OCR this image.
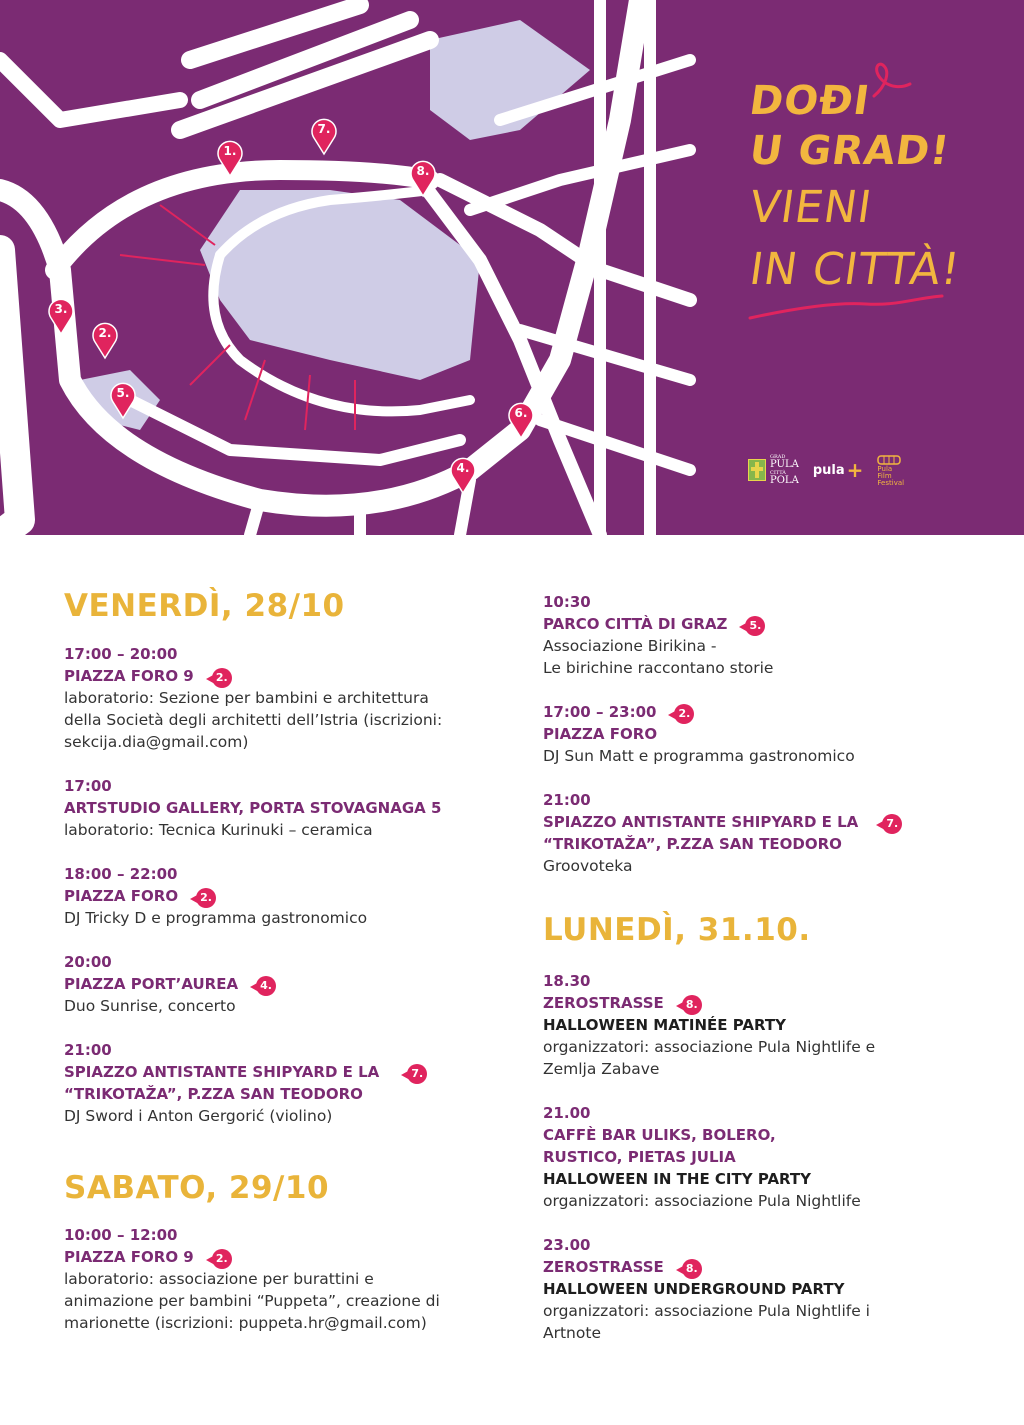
1.
2.
3.
4.
5.
6.
7.
8.
DOĐI
U GRAD!
VIENI
IN CITTÀ!
GRAD
PULA
CITTÀ
POLA
pula + Pula
Film
Festival
VENERDÌ, 28/10
17:00 – 20:00
PIAZZA FORO 9	2.
laboratorio: Sezione per bambini e architettura
della Società degli architetti dell’Istria (iscrizioni:
sekcija.dia@gmail.com)
17:00
ARTSTUDIO GALLERY, PORTA STOVAGNAGA 5
laboratorio: Tecnica Kurinuki – ceramica
18:00 – 22:00
PIAZZA FORO	2.
DJ Tricky D e programma gastronomico
20:00
PIAZZA PORT’AUREA	4.
Duo Sunrise, concerto
21:00
SPIAZZO ANTISTANTE SHIPYARD E LA	7.
“TRIKOTAŽA”, P.ZZA SAN TEODORO
DJ Sword i Anton Gergorić (violino)
SABATO, 29/10
10:00 – 12:00
PIAZZA FORO 9	2.
laboratorio: associazione per burattini e
animazione per bambini “Puppeta”, creazione di
marionette (iscrizioni: puppeta.hr@gmail.com)
10:30
PARCO CITTÀ DI GRAZ	5.
Associazione Birikina -
Le birichine raccontano storie
17:00 – 23:00	2.
PIAZZA FORO
DJ Sun Matt e programma gastronomico
21:00
SPIAZZO ANTISTANTE SHIPYARD E LA	7.
“TRIKOTAŽA”, P.ZZA SAN TEODORO
Groovoteka
LUNEDÌ, 31.10.
18.30
ZEROSTRASSE	8.
HALLOWEEN MATINÉE PARTY
organizzatori: associazione Pula Nightlife e
Zemlja Zabave
21.00
CAFFÈ BAR ULIKS, BOLERO,
RUSTICO, PIETAS JULIA
HALLOWEEN IN THE CITY PARTY
organizzatori: associazione Pula Nightlife
23.00
ZEROSTRASSE	8.
HALLOWEEN UNDERGROUND PARTY
organizzatori: associazione Pula Nightlife i
Artnote
